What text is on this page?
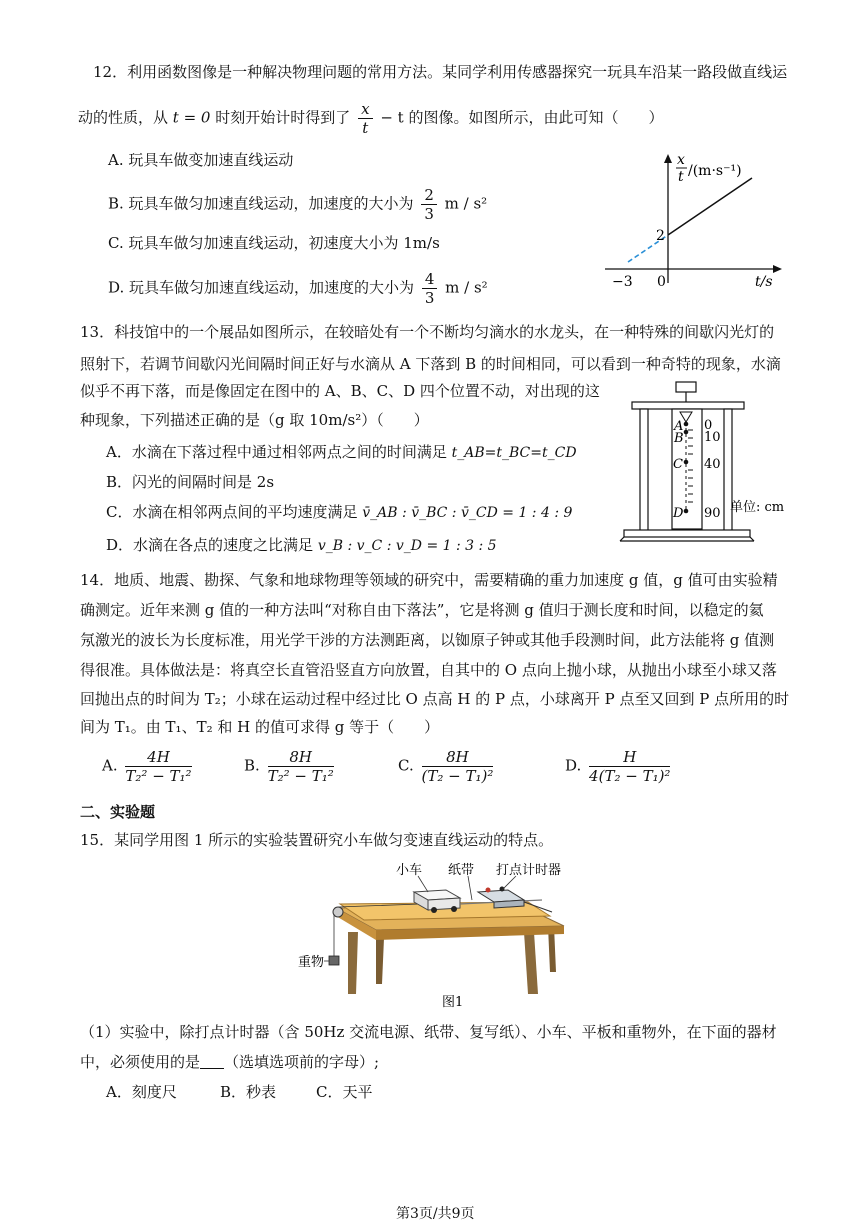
12．利用函数图像是一种解决物理问题的常用方法。某同学利用传感器探究一玩具车沿某一路段做直线运
动的性质，从 t = 0 时刻开始计时得到了 $\frac{x}{t} - t$ 的图像。如图所示，由此可知（　　）
A. 玩具车做变加速直线运动
B. 玩具车做匀加速直线运动，加速度的大小为 $\frac{2}{3}$ m / s²
C. 玩具车做匀加速直线运动，初速度大小为 1m/s
D. 玩具车做匀加速直线运动，加速度的大小为 $\frac{4}{3}$ m / s²
x
t /(m·s⁻¹)
2
−3 0	t/s
13．科技馆中的一个展品如图所示，在较暗处有一个不断均匀滴水的水龙头，在一种特殊的间歇闪光灯的
照射下，若调节间歇闪光间隔时间正好与水滴从 A 下落到 B 的时间相同，可以看到一种奇特的现象，水滴
似乎不再下落，而是像固定在图中的 A、B、C、D 四个位置不动，对出现的这
种现象，下列描述正确的是（g 取 10m/s²）（　　）
A．水滴在下落过程中通过相邻两点之间的时间满足 t_AB=t_BC=t_CD
B．闪光的间隔时间是 2s
C．水滴在相邻两点间的平均速度满足 v̄_AB : v̄_BC : v̄_CD = 1 : 4 : 9
D．水滴在各点的速度之比满足 v_B : v_C : v_D = 1 : 3 : 5
A
B
C
D
0
10
40
90 单位: cm
14．地质、地震、勘探、气象和地球物理等领域的研究中，需要精确的重力加速度 g 值，g 值可由实验精
确测定。近年来测 g 值的一种方法叫“对称自由下落法”，它是将测 g 值归于测长度和时间，以稳定的氦
氖激光的波长为长度标准，用光学干涉的方法测距离，以铷原子钟或其他手段测时间，此方法能将 g 值测
得很准。具体做法是：将真空长直管沿竖直方向放置，自其中的 O 点向上抛小球，从抛出小球至小球又落
回抛出点的时间为 T₂；小球在运动过程中经过比 O 点高 H 的 P 点，小球离开 P 点至又回到 P 点所用的时
间为 T₁。由 T₁、T₂ 和 H 的值可求得 g 等于（　　）
A. $\frac{4H}{\text{T₂² − T₁²}}$	B. $\frac{8H}{\text{T₂² − T₁²}}$	C. $\frac{8H}{\text{(T₂ − T₁)²}}$	D. $\frac{H}{\text{4(T₂ − T₁)²}}$
二、实验题
15．某同学用图 1 所示的实验装置研究小车做匀变速直线运动的特点。
小车 纸带 打点计时器
重物
图1
（1）实验中，除打点计时器（含 50Hz 交流电源、纸带、复写纸）、小车、平板和重物外，在下面的器材
中，必须使用的是 （选填选项前的字母）;
A．刻度尺	B．秒表	C．天平
第3页/共9页
